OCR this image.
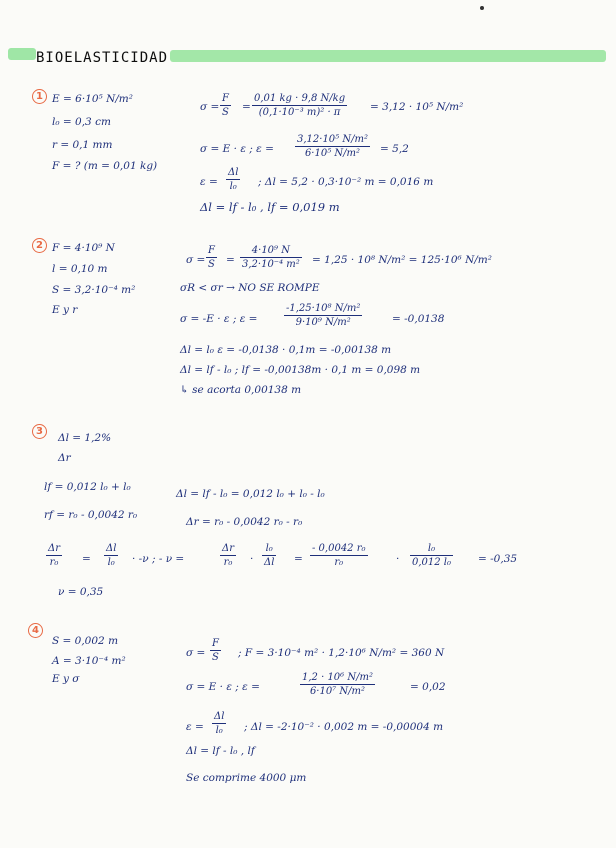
BIOELASTICIDAD
1 E = 6·10⁵ N/m²
l₀ = 0,3 cm
r = 0,1 mm
F = ? (m = 0,01 kg)
σ =
F
S =
0,01 kg · 9,8 N/kg
(0,1·10⁻³ m)² · π	= 3,12 · 10⁵ N/m²
σ = E · ε ; ε =
3,12·10⁵ N/m²
6·10⁵ N/m²	= 5,2
ε =
Δl
l₀	; Δl = 5,2 · 0,3·10⁻² m = 0,016 m
Δl = lf - l₀ , lf = 0,019 m
2 F = 4·10⁹ N
l = 0,10 m
S = 3,2·10⁻⁴ m²
E y r
σ =
F
S =
4·10⁹ N
3,2·10⁻⁴ m² = 1,25 · 10⁸ N/m² = 125·10⁶ N/m²
σR < σr → NO SE ROMPE
σ = -E · ε ; ε =
-1,25·10⁸ N/m²
9·10⁹ N/m²	= -0,0138
Δl = l₀ ε = -0,0138 · 0,1m = -0,00138 m
Δl = lf - l₀ ; lf = -0,00138m · 0,1 m = 0,098 m
↳ se acorta 0,00138 m
3
Δl = 1,2%
Δr
lf = 0,012 l₀ + l₀
rf = r₀ - 0,0042 r₀
Δl = lf - l₀ = 0,012 l₀ + l₀ - l₀
Δr = r₀ - 0,0042 r₀ - r₀
Δr
r₀	=
Δl
l₀	· -ν ; - ν =
Δr
r₀	·
l₀
Δl =
- 0,0042 r₀
r₀	·
l₀
0,012 l₀	= -0,35
ν = 0,35
4
S = 0,002 m
A = 3·10⁻⁴ m²
E y σ
σ =
F
S ; F = 3·10⁻⁴ m² · 1,2·10⁶ N/m² = 360 N
σ = E · ε ; ε =
1,2 · 10⁶ N/m²
6·10⁷ N/m²	= 0,02
ε =
Δl
l₀	; Δl = -2·10⁻² · 0,002 m = -0,00004 m
Δl = lf - l₀ , lf
Se comprime 4000 μm
